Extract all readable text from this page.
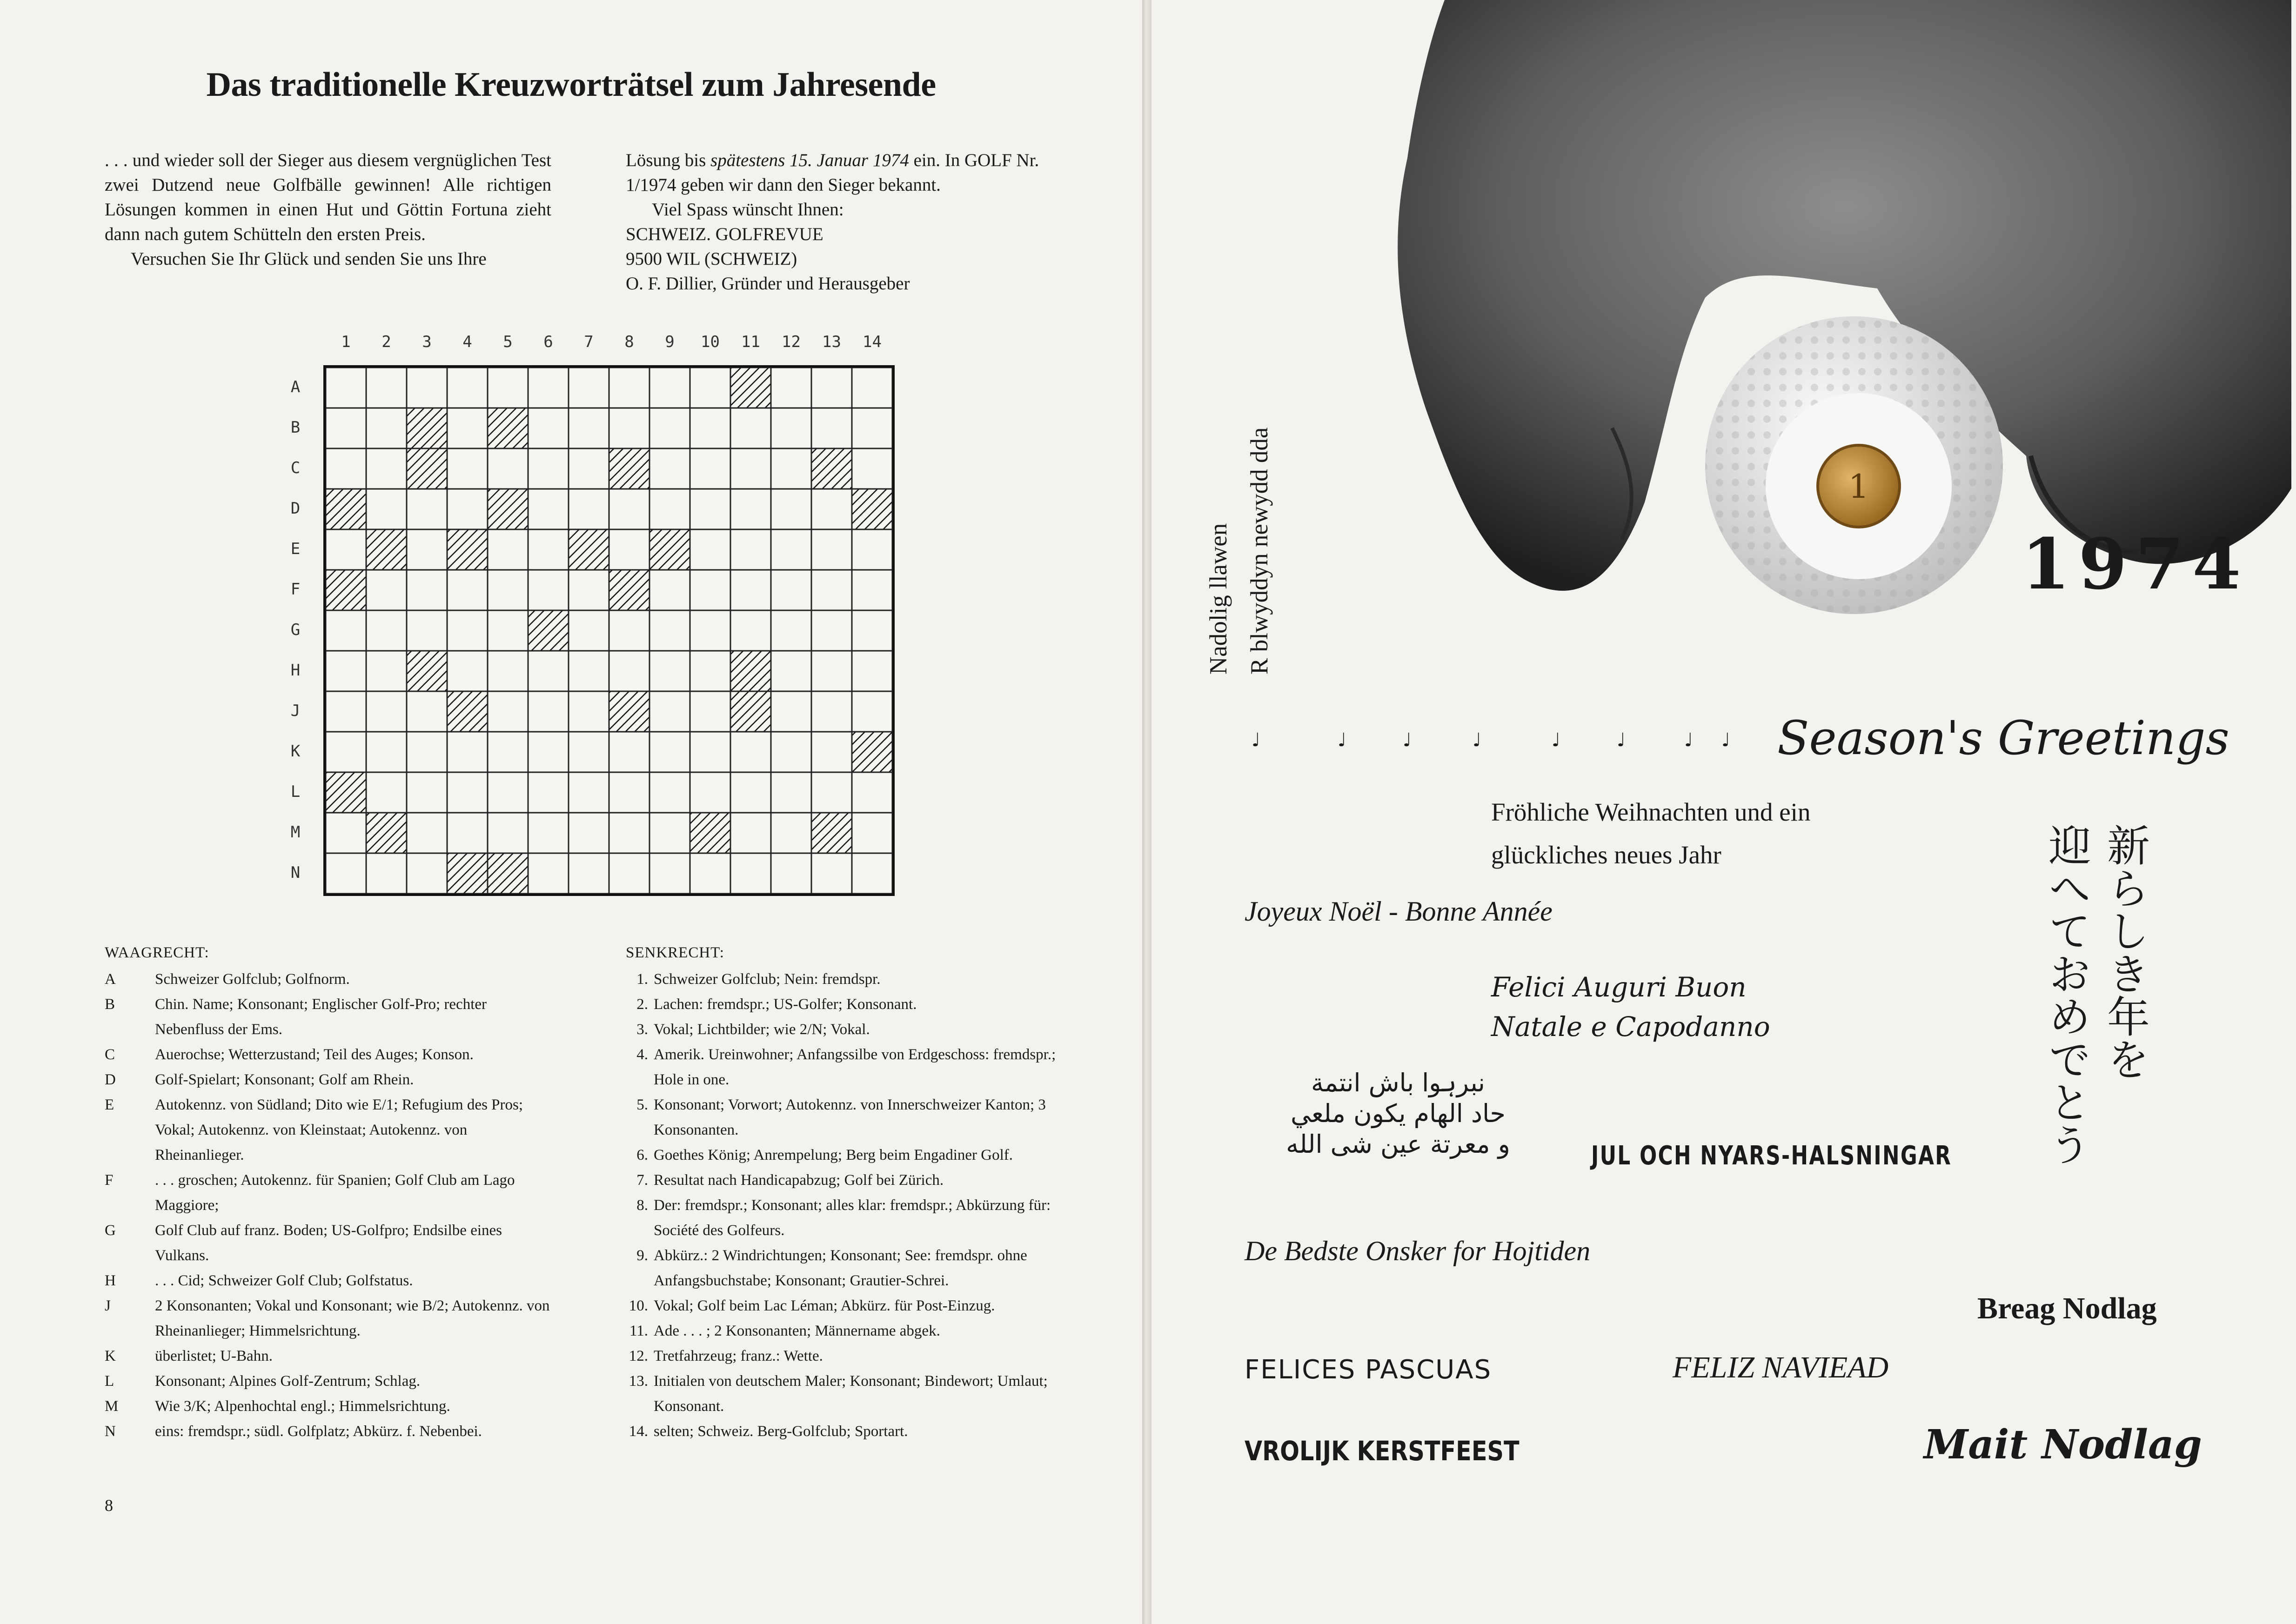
Das traditionelle Kreuzworträtsel zum Jahresende

. . . und wieder soll der Sieger aus diesem vergnüglichen Test zwei Dutzend neue Golfbälle gewinnen! Alle richtigen Lösungen kommen in einen Hut und Göttin Fortuna zieht dann nach gutem Schütteln den ersten Preis.

Versuchen Sie Ihr Glück und senden Sie uns Ihre

Lösung bis spätestens 15. Januar 1974 ein. In GOLF Nr. 1/1974 geben wir dann den Sieger bekannt.

Viel Spass wünscht Ihnen:

SCHWEIZ. GOLFREVUE
9500 WIL (SCHWEIZ)
O. F. Dillier, Gründer und Herausgeber
1	2	3	4	5	6	7	8	9	10	11	12	13	14
A
B
C
D
E
F
G
H
J
K
L
M
N
WAAGRECHT:
A	Schweizer Golfclub; Golfnorm.
B	Chin. Name; Konsonant; Englischer Golf-Pro; rechter Nebenfluss der Ems.
C	Auerochse; Wetterzustand; Teil des Auges; Konson.
D	Golf-Spielart; Konsonant; Golf am Rhein.
E	Autokennz. von Südland; Dito wie E/1; Refugium des Pros; Vokal; Autokennz. von Kleinstaat; Autokennz. von Rheinanlieger.
F	. . . groschen; Autokennz. für Spanien; Golf Club am Lago Maggiore;
G	Golf Club auf franz. Boden; US-Golfpro; Endsilbe eines Vulkans.
H	. . . Cid; Schweizer Golf Club; Golfstatus.
J	2 Konsonanten; Vokal und Konsonant; wie B/2; Autokennz. von Rheinanlieger; Himmelsrichtung.
K	überlistet; U-Bahn.
L	Konsonant; Alpines Golf-Zentrum; Schlag.
M Wie 3/K; Alpenhochtal engl.; Himmelsrichtung.
N	eins: fremdspr.; südl. Golfplatz; Abkürz. f. Nebenbei.
SENKRECHT:
1. Schweizer Golfclub; Nein: fremdspr.
2. Lachen: fremdspr.; US-Golfer; Konsonant.
3. Vokal; Lichtbilder; wie 2/N; Vokal.
4. Amerik. Ureinwohner; Anfangssilbe von Erdgeschoss: fremdspr.; Hole in one.
5. Konsonant; Vorwort; Autokennz. von Innerschweizer Kanton; 3 Konsonanten.
6. Goethes König; Anrempelung; Berg beim Engadiner Golf.
7. Resultat nach Handicapabzug; Golf bei Zürich.
8. Der: fremdspr.; Konsonant; alles klar: fremdspr.; Abkürzung für: Société des Golfeurs.
9. Abkürz.: 2 Windrichtungen; Konsonant; See: fremdspr. ohne Anfangsbuchstabe; Konsonant; Grautier-Schrei.
10. Vokal; Golf beim Lac Léman; Abkürz. für Post-Einzug.
11. Ade . . . ; 2 Konsonanten; Männername abgek.
12. Tretfahrzeug; franz.: Wette.
13. Initialen von deutschem Maler; Konsonant; Bindewort; Umlaut; Konsonant.
14. selten; Schweiz. Berg-Golfclub; Sportart.
8
1
Nadolig llawen R blwyddyn newydd dda	1974
♩	♩	♩	♩	♩	♩	♩ ♩ Season's Greetings
Fröhliche Weihnachten und ein
glückliches neues Jahr
Joyeux Noël - Bonne Année
Felici Auguri Buon
Natale e Capodanno
نبرہوا باش انتمة
حاد الهام يكون ملعي
و معرتة عين شى الله	JUL OCH NYARS-HALSNINGAR
新らしき年を
迎へておめでとう
De Bedste Onsker for Hojtiden
Breag Nodlag
FELICES PASCUAS	FELIZ NAVIEAD
VROLIJK KERSTFEEST	Mait Nodlag
